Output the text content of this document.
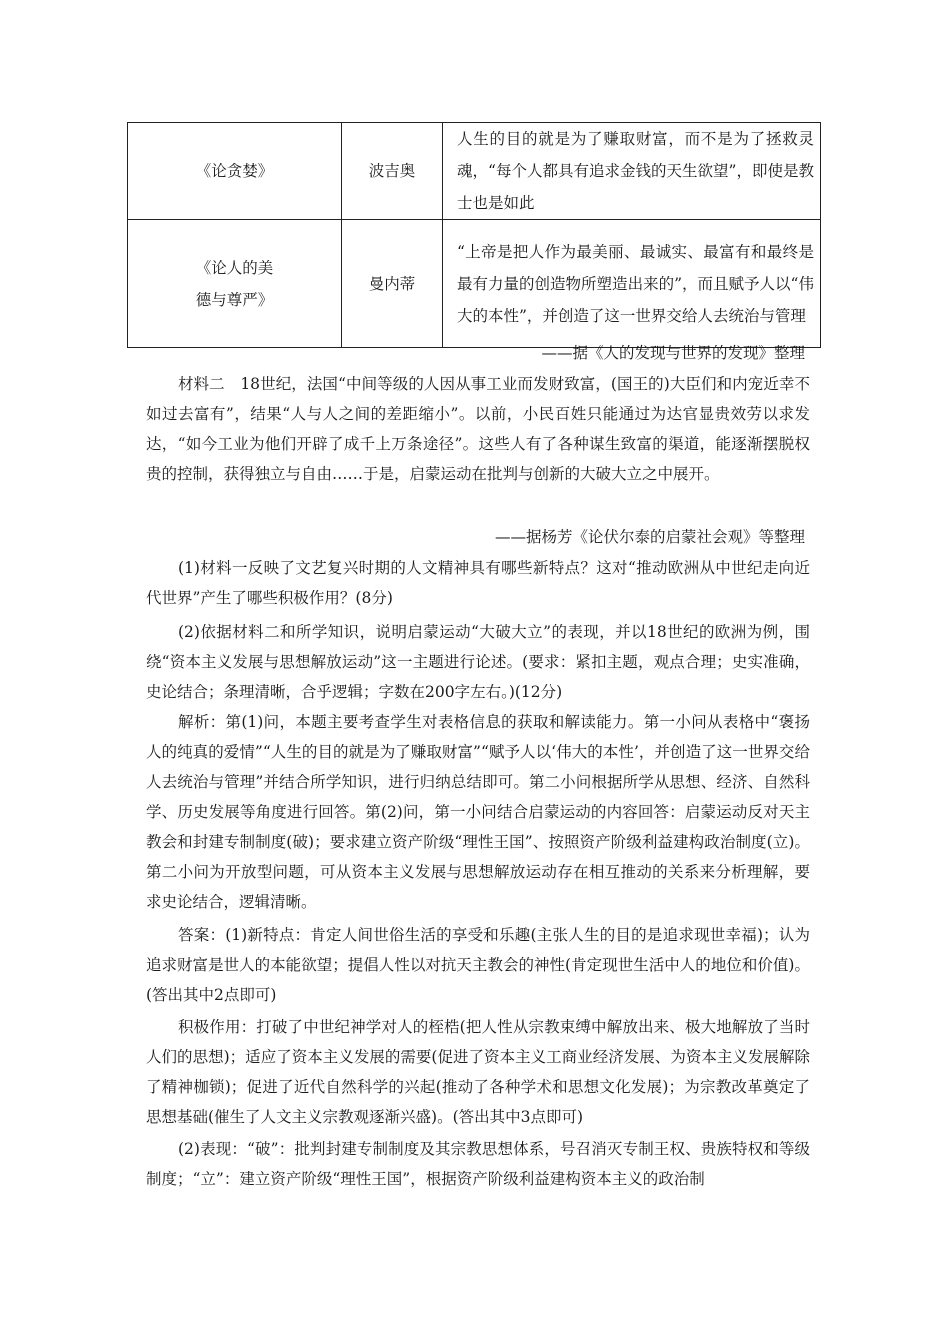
《论贪婪》	波吉奥	人生的目的就是为了赚取财富，而不是为了拯救灵魂，“每个人都具有追求金钱的天生欲望”，即使是教士也是如此
《论人的美
德与尊严》	曼内蒂	“上帝是把人作为最美丽、最诚实、最富有和最终是最有力量的创造物所塑造出来的”，而且赋予人以“伟大的本性”，并创造了这一世界交给人去统治与管理
——据《人的发现与世界的发现》整理

材料二　18世纪，法国“中间等级的人因从事工业而发财致富，(国王的)大臣们和内宠近幸不如过去富有”，结果“人与人之间的差距缩小”。以前，小民百姓只能通过为达官显贵效劳以求发达，“如今工业为他们开辟了成千上万条途径”。这些人有了各种谋生致富的渠道，能逐渐摆脱权贵的控制，获得独立与自由……于是，启蒙运动在批判与创新的大破大立之中展开。

——据杨芳《论伏尔泰的启蒙社会观》等整理

(1)材料一反映了文艺复兴时期的人文精神具有哪些新特点？这对“推动欧洲从中世纪走向近代世界”产生了哪些积极作用？(8分)

(2)依据材料二和所学知识，说明启蒙运动“大破大立”的表现，并以18世纪的欧洲为例，围绕“资本主义发展与思想解放运动”这一主题进行论述。(要求：紧扣主题，观点合理；史实准确，史论结合；条理清晰，合乎逻辑；字数在200字左右。)(12分)

解析：第(1)问，本题主要考查学生对表格信息的获取和解读能力。第一小问从表格中“褒扬人的纯真的爱情”“人生的目的就是为了赚取财富”“赋予人以‘伟大的本性’，并创造了这一世界交给人去统治与管理”并结合所学知识，进行归纳总结即可。第二小问根据所学从思想、经济、自然科学、历史发展等角度进行回答。第(2)问，第一小问结合启蒙运动的内容回答：启蒙运动反对天主教会和封建专制制度(破)；要求建立资产阶级“理性王国”、按照资产阶级利益建构政治制度(立)。第二小问为开放型问题，可从资本主义发展与思想解放运动存在相互推动的关系来分析理解，要求史论结合，逻辑清晰。

答案：(1)新特点：肯定人间世俗生活的享受和乐趣(主张人生的目的是追求现世幸福)；认为追求财富是世人的本能欲望；提倡人性以对抗天主教会的神性(肯定现世生活中人的地位和价值)。(答出其中2点即可)

积极作用：打破了中世纪神学对人的桎梏(把人性从宗教束缚中解放出来、极大地解放了当时人们的思想)；适应了资本主义发展的需要(促进了资本主义工商业经济发展、为资本主义发展解除了精神枷锁)；促进了近代自然科学的兴起(推动了各种学术和思想文化发展)；为宗教改革奠定了思想基础(催生了人文主义宗教观逐渐兴盛)。(答出其中3点即可)

(2)表现：“破”：批判封建专制制度及其宗教思想体系，号召消灭专制王权、贵族特权和等级制度；“立”：建立资产阶级“理性王国”，根据资产阶级利益建构资本主义的政治制
